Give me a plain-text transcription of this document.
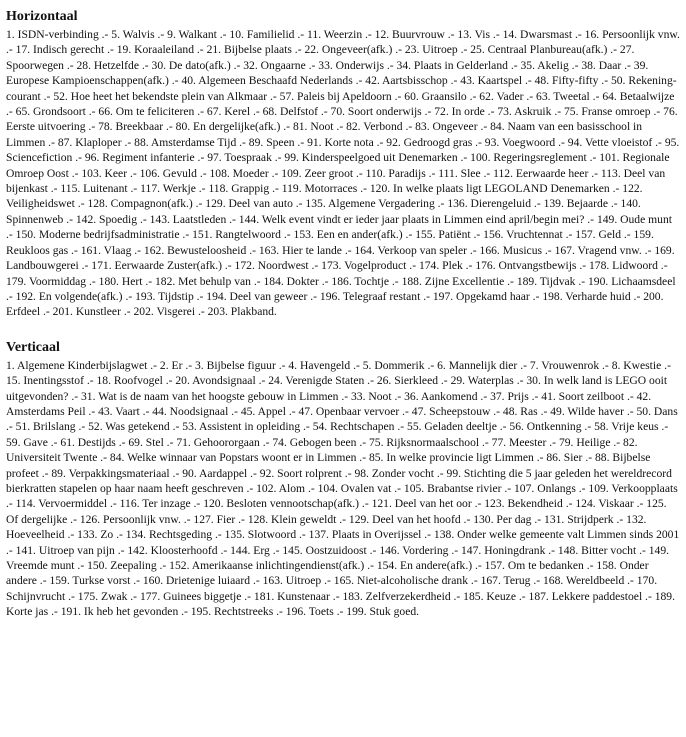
Horizontaal

1. ISDN-verbinding .- 5. Walvis .- 9. Walkant .- 10. Familielid .- 11. Weerzin .- 12. Buurvrouw .- 13. Vis .- 14. Dwarsmast .- 16. Persoonlijk vnw. .- 17. Indisch gerecht .- 19. Koraaleiland .- 21. Bijbelse plaats .- 22. Ongeveer(afk.) .- 23. Uitroep .- 25. Centraal Planbureau(afk.) .- 27. Spoorwegen .- 28. Hetzelfde .- 30. De dato(afk.) .- 32. Ongaarne .- 33. Onderwijs .- 34. Plaats in Gelderland .- 35. Akelig .- 38. Daar .- 39. Europese Kampioenschappen(afk.) .- 40. Algemeen Beschaafd Nederlands .- 42. Aartsbisschop .- 43. Kaartspel .- 48. Fifty-fifty .- 50. Rekening-courant .- 52. Hoe heet het bekendste plein van Alkmaar .- 57. Paleis bij Apeldoorn .- 60. Graansilo .- 62. Vader .- 63. Tweetal .- 64. Betaalwijze .- 65. Grondsoort .- 66. Om te feliciteren .- 67. Kerel .- 68. Delfstof .- 70. Soort onderwijs .- 72. In orde .- 73. Askruik .- 75. Franse omroep .- 76. Eerste uitvoering .- 78. Breekbaar .- 80. En dergelijke(afk.) .- 81. Noot .- 82. Verbond .- 83. Ongeveer .- 84. Naam van een basisschool in Limmen .- 87. Klaploper .- 88. Amsterdamse Tijd .- 89. Speen .- 91. Korte nota .- 92. Gedroogd gras .- 93. Voegwoord .- 94. Vette vloeistof .- 95. Sciencefiction .- 96. Regiment infanterie .- 97. Toespraak .- 99. Kinderspeelgoed uit Denemarken .- 100. Regeringsreglement .- 101. Regionale Omroep Oost .- 103. Keer .- 106. Gevuld .- 108. Moeder .- 109. Zeer groot .- 110. Paradijs .- 111. Slee .- 112. Eerwaarde heer .- 113. Deel van bijenkast .- 115. Luitenant .- 117. Werkje .- 118. Grappig .- 119. Motorraces .- 120. In welke plaats ligt LEGOLAND Denemarken .- 122. Veiligheidswet .- 128. Compagnon(afk.) .- 129. Deel van auto .- 135. Algemene Vergadering .- 136. Dierengeluid .- 139. Bejaarde .- 140. Spinnenweb .- 142. Spoedig .- 143. Laatstleden .- 144. Welk event vindt er ieder jaar plaats in Limmen eind april/begin mei? .- 149. Oude munt .- 150. Moderne bedrijfsadministratie .- 151. Rangtelwoord .- 153. Een en ander(afk.) .- 155. Patiënt .- 156. Vruchtennat .- 157. Geld .- 159. Reukloos gas .- 161. Vlaag .- 162. Bewusteloosheid .- 163. Hier te lande .- 164. Verkoop van speler .- 166. Musicus .- 167. Vragend vnw. .- 169. Landbouwgerei .- 171. Eerwaarde Zuster(afk.) .- 172. Noordwest .- 173. Vogelproduct .- 174. Plek .- 176. Ontvangstbewijs .- 178. Lidwoord .- 179. Voormiddag .- 180. Hert .- 182. Met behulp van .- 184. Dokter .- 186. Tochtje .- 188. Zijne Excellentie .- 189. Tijdvak .- 190. Lichaamsdeel .- 192. En volgende(afk.) .- 193. Tijdstip .- 194. Deel van geweer .- 196. Telegraaf restant .- 197. Opgekamd haar .- 198. Verharde huid .- 200. Erfdeel .- 201. Kunstleer .- 202. Visgerei .- 203. Plakband.

Verticaal

1. Algemene Kinderbijslagwet .- 2. Er .- 3. Bijbelse figuur .- 4. Havengeld .- 5. Dommerik .- 6. Mannelijk dier .- 7. Vrouwenrok .- 8. Kwestie .- 15. Inentingsstof .- 18. Roofvogel .- 20. Avondsignaal .- 24. Verenigde Staten .- 26. Sierkleed .- 29. Waterplas .- 30. In welk land is LEGO ooit uitgevonden? .- 31. Wat is de naam van het hoogste gebouw in Limmen .- 33. Noot .- 36. Aankomend .- 37. Prijs .- 41. Soort zeilboot .- 42. Amsterdams Peil .- 43. Vaart .- 44. Noodsignaal .- 45. Appel .- 47. Openbaar vervoer .- 47. Scheepstouw .- 48. Ras .- 49. Wilde haver .- 50. Dans .- 51. Brilslang .- 52. Was getekend .- 53. Assistent in opleiding .- 54. Rechtschapen .- 55. Geladen deeltje .- 56. Ontkenning .- 58. Vrije keus .- 59. Gave .- 61. Destijds .- 69. Stel .- 71. Gehoororgaan .- 74. Gebogen been .- 75. Rijksnormaalschool .- 77. Meester .- 79. Heilige .- 82. Universiteit Twente .- 84. Welke winnaar van Popstars woont er in Limmen .- 85. In welke provincie ligt Limmen .- 86. Sier .- 88. Bijbelse profeet .- 89. Verpakkingsmateriaal .- 90. Aardappel .- 92. Soort rolprent .- 98. Zonder vocht .- 99. Stichting die 5 jaar geleden het wereldrecord bierkratten stapelen op haar naam heeft geschreven .- 102. Alom .- 104. Ovalen vat .- 105. Brabantse rivier .- 107. Onlangs .- 109. Verkoopplaats .- 114. Vervoermiddel .- 116. Ter inzage .- 120. Besloten vennootschap(afk.) .- 121. Deel van het oor .- 123. Bekendheid .- 124. Viskaar .- 125. Of dergelijke .- 126. Persoonlijk vnw. .- 127. Fier .- 128. Klein geweldt .- 129. Deel van het hoofd .- 130. Per dag .- 131. Strijdperk .- 132. Hoeveelheid .- 133. Zo .- 134. Rechtsgeding .- 135. Slotwoord .- 137. Plaats in Overijssel .- 138. Onder welke gemeente valt Limmen sinds 2001 .- 141. Uitroep van pijn .- 142. Kloosterhoofd .- 144. Erg .- 145. Oostzuidoost .- 146. Vordering .- 147. Honingdrank .- 148. Bitter vocht .- 149. Vreemde munt .- 150. Zeepaling .- 152. Amerikaanse inlichtingendienst(afk.) .- 154. En andere(afk.) .- 157. Om te bedanken .- 158. Onder andere .- 159. Turkse vorst .- 160. Drietenige luiaard .- 163. Uitroep .- 165. Niet-alcoholische drank .- 167. Terug .- 168. Wereldbeeld .- 170. Schijnvrucht .- 175. Zwak .- 177. Guinees biggetje .- 181. Kunstenaar .- 183. Zelfverzekerdheid .- 185. Keuze .- 187. Lekkere paddestoel .- 189. Korte jas .- 191. Ik heb het gevonden .- 195. Rechtstreeks .- 196. Toets .- 199. Stuk goed.
